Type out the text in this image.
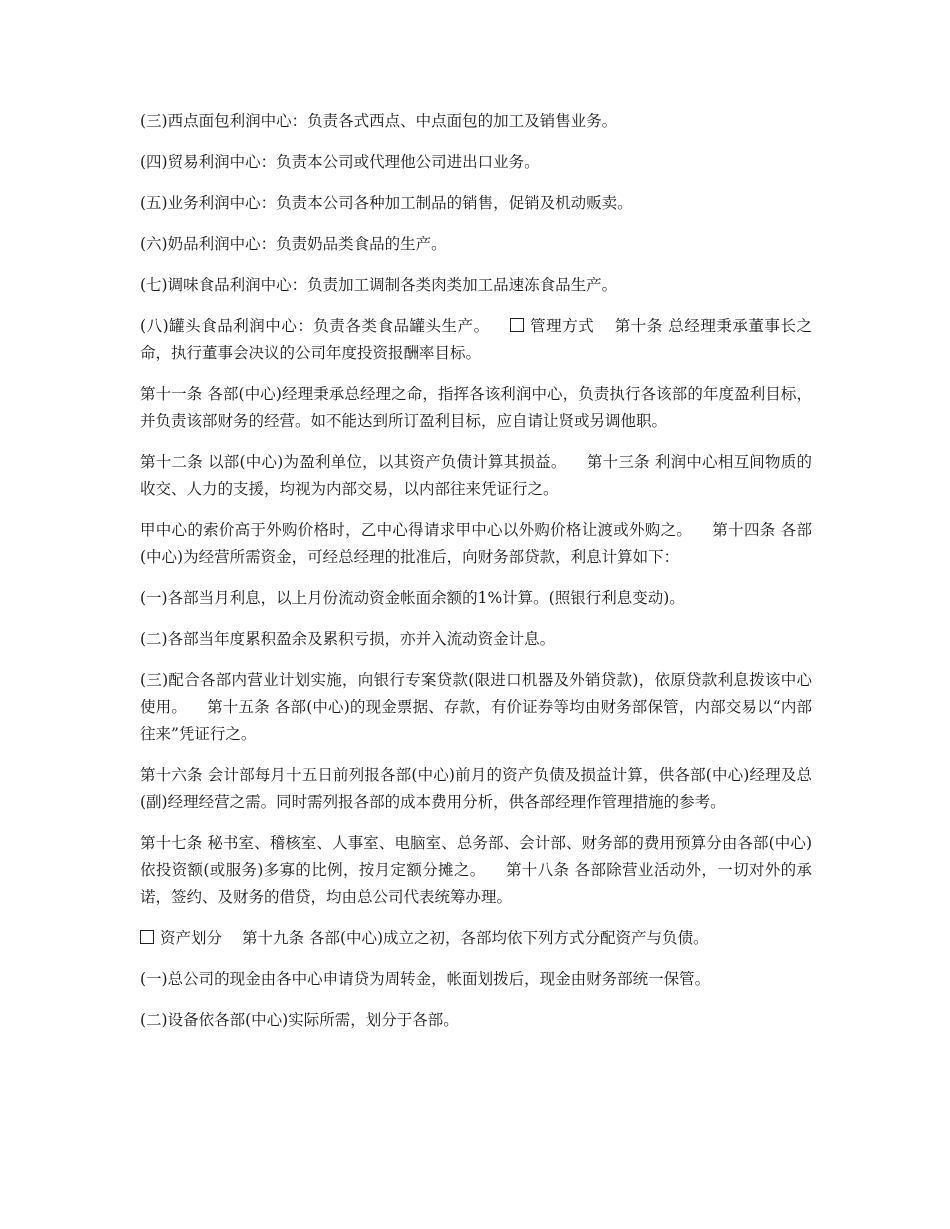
(三)西点面包利润中心：负责各式西点、中点面包的加工及销售业务。

(四)贸易利润中心：负责本公司或代理他公司进出口业务。

(五)业务利润中心：负责本公司各种加工制品的销售，促销及机动贩卖。

(六)奶品利润中心：负责奶品类食品的生产。

(七)调味食品利润中心：负责加工调制各类肉类加工品速冻食品生产。

(八)罐头食品利润中心：负责各类食品罐头生产。	管理方式 第十条 总经理秉承董事长之命，执行董事会决议的公司年度投资报酬率目标。

第十一条 各部(中心)经理秉承总经理之命，指挥各该利润中心，负责执行各该部的年度盈利目标，并负责该部财务的经营。如不能达到所订盈利目标，应自请让贤或另调他职。

第十二条 以部(中心)为盈利单位，以其资产负债计算其损益。 第十三条 利润中心相互间物质的收交、人力的支援，均视为内部交易，以内部往来凭证行之。

甲中心的索价高于外购价格时，乙中心得请求甲中心以外购价格让渡或外购之。 第十四条 各部(中心)为经营所需资金，可经总经理的批准后，向财务部贷款，利息计算如下：

(一)各部当月利息，以上月份流动资金帐面余额的1%计算。(照银行利息变动)。

(二)各部当年度累积盈余及累积亏损，亦并入流动资金计息。

(三)配合各部内营业计划实施，向银行专案贷款(限进口机器及外销贷款)，依原贷款利息拨该中心使用。 第十五条 各部(中心)的现金票据、存款，有价证券等均由财务部保管，内部交易以“内部往来”凭证行之。

第十六条 会计部每月十五日前列报各部(中心)前月的资产负债及损益计算，供各部(中心)经理及总(副)经理经营之需。同时需列报各部的成本费用分析，供各部经理作管理措施的参考。

第十七条 秘书室、稽核室、人事室、电脑室、总务部、会计部、财务部的费用预算分由各部(中心)依投资额(或服务)多寡的比例，按月定额分摊之。 第十八条 各部除营业活动外，一切对外的承诺，签约、及财务的借贷，均由总公司代表统筹办理。

资产划分 第十九条 各部(中心)成立之初，各部均依下列方式分配资产与负债。

(一)总公司的现金由各中心申请贷为周转金，帐面划拨后，现金由财务部统一保管。

(二)设备依各部(中心)实际所需，划分于各部。
